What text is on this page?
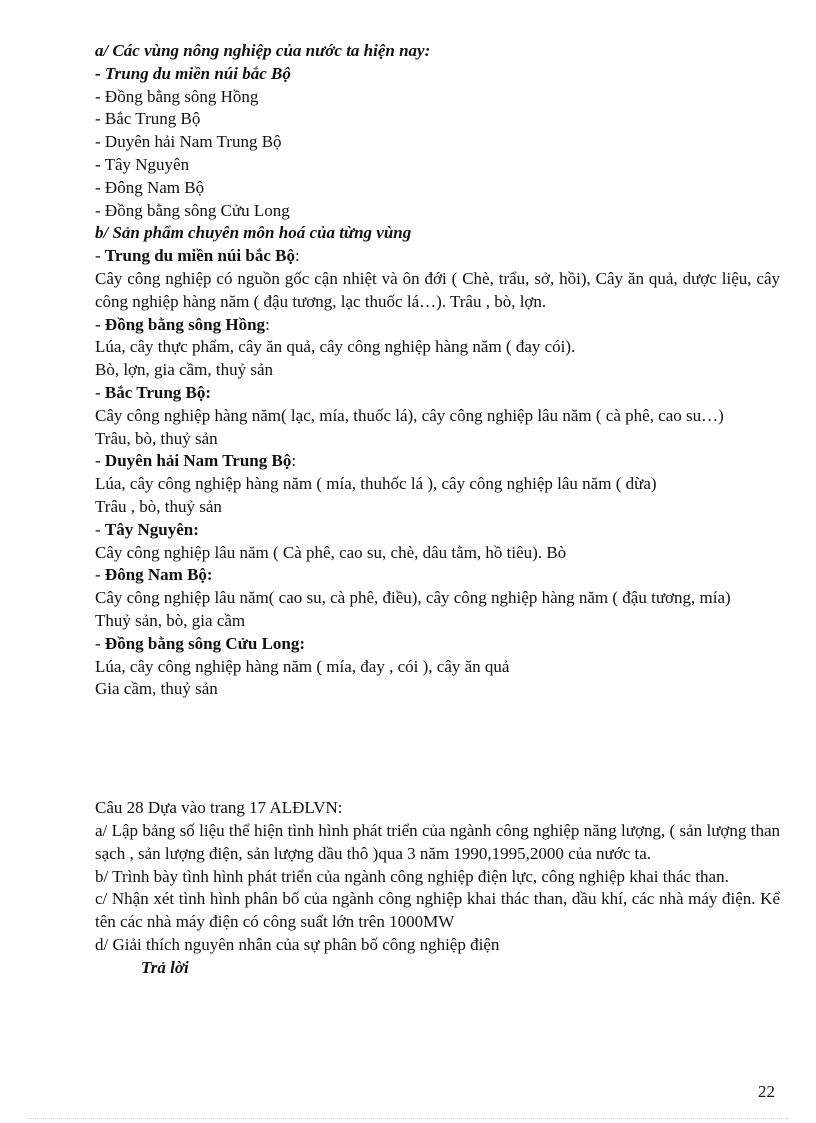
a/ Các vùng nông nghiệp của nước ta hiện nay:
- Trung du miền núi bắc Bộ
- Đồng bằng sông Hồng
- Bắc Trung Bộ
- Duyên hải Nam Trung Bộ
- Tây Nguyên
- Đông Nam Bộ
- Đồng bằng sông Cửu Long
b/ Sản phẩm chuyên môn hoá của từng vùng
- Trung du miền núi bắc Bộ:
Cây công nghiệp có nguồn gốc cận nhiệt và ôn đới ( Chè, trẩu, sở, hồi), Cây ăn quả, dược liệu, cây công nghiệp hàng năm ( đậu tương, lạc thuốc lá…). Trâu , bò, lợn.
- Đồng bằng sông Hồng:
Lúa, cây thực phẩm, cây ăn quả, cây công nghiệp hàng năm ( đay cói).
Bò, lợn, gia cầm, thuỷ sản
- Bắc Trung Bộ:
Cây công nghiệp hàng năm( lạc, mía, thuốc lá), cây công nghiệp lâu năm ( cà phê, cao su…)
Trâu, bò, thuỷ sản
- Duyên hải Nam Trung Bộ:
Lúa, cây công nghiệp hàng năm ( mía, thuhốc lá ), cây công nghiệp lâu năm ( dừa)
Trâu , bò, thuỷ sản
- Tây Nguyên:
Cây công nghiệp lâu năm ( Cà phê, cao su, chè, dâu tằm, hồ tiêu). Bò
- Đông Nam Bộ:
Cây công nghiệp lâu năm( cao su, cà phê, điều), cây công nghiệp hàng năm ( đậu tương, mía)
Thuỷ sản, bò, gia cầm
- Đồng bằng sông Cửu Long:
Lúa, cây công nghiệp hàng năm ( mía, đay , cói ), cây ăn quả
Gia cầm, thuỷ sản
Câu 28 Dựa vào trang 17 ALĐLVN:
a/ Lập bảng số liệu thể hiện tình hình phát triển của ngành công nghiệp năng lượng, ( sản lượng than sạch , sản lượng điện, sản lượng dầu thô )qua 3 năm 1990,1995,2000 của nước ta.
b/ Trình bày tình hình phát triển của ngành công nghiệp điện lực, công nghiệp khai thác than.
c/ Nhận xét tình hình phân bố của ngành công nghiệp khai thác than, dầu khí, các nhà máy điện. Kể tên các nhà máy điện có công suất lớn trên 1000MW
d/ Giải thích nguyên nhân của sự phân bố công nghiệp điện
Trả lời
22
